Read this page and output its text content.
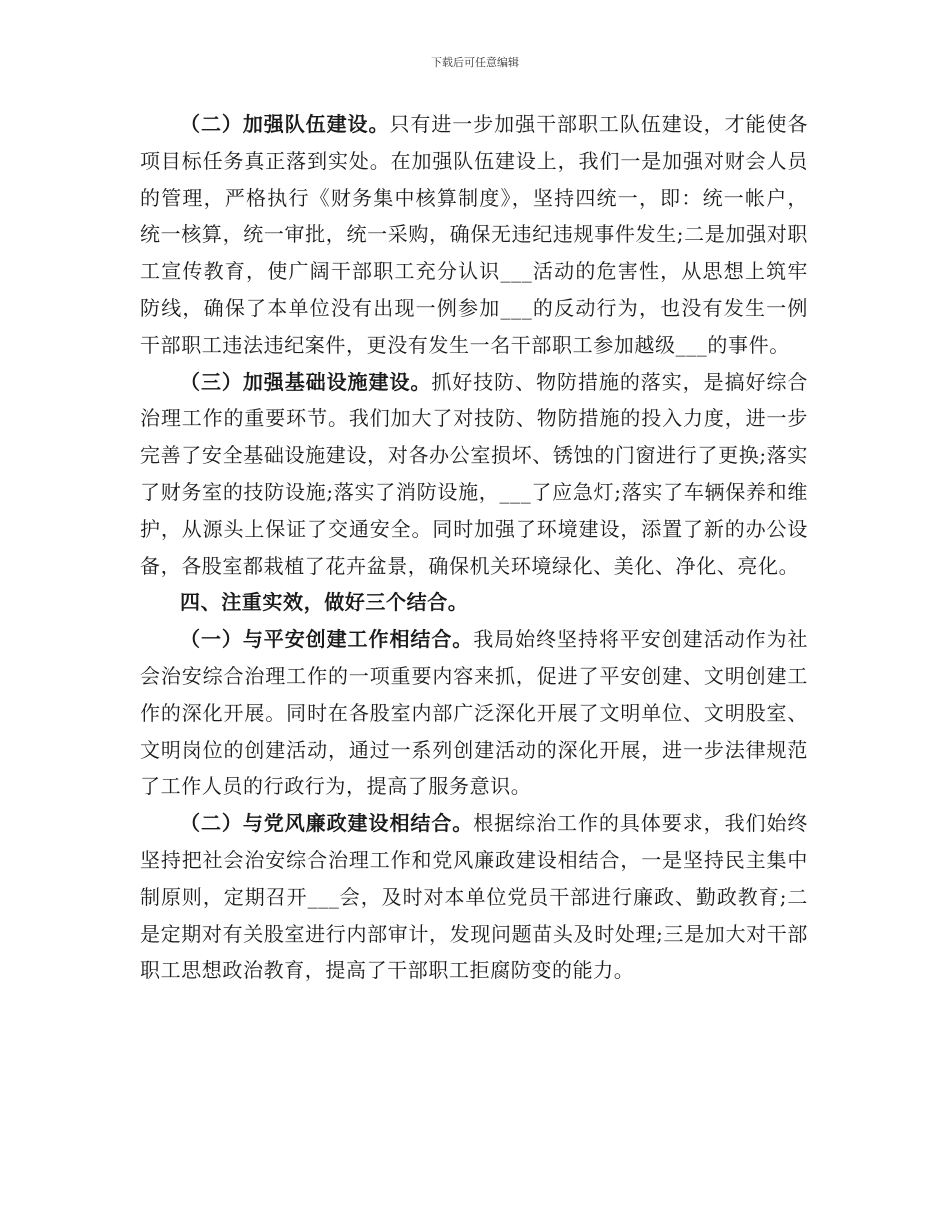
下载后可任意编辑

（二）加强队伍建设。只有进一步加强干部职工队伍建设，才能使各项目标任务真正落到实处。在加强队伍建设上，我们一是加强对财会人员的管理，严格执行《财务集中核算制度》，坚持四统一，即：统一帐户，统一核算，统一审批，统一采购，确保无违纪违规事件发生;二是加强对职工宣传教育，使广阔干部职工充分认识___活动的危害性，从思想上筑牢防线，确保了本单位没有出现一例参加___的反动行为，也没有发生一例干部职工违法违纪案件，更没有发生一名干部职工参加越级___的事件。

（三）加强基础设施建设。抓好技防、物防措施的落实，是搞好综合治理工作的重要环节。我们加大了对技防、物防措施的投入力度，进一步完善了安全基础设施建设，对各办公室损坏、锈蚀的门窗进行了更换;落实了财务室的技防设施;落实了消防设施，___了应急灯;落实了车辆保养和维护，从源头上保证了交通安全。同时加强了环境建设，添置了新的办公设备，各股室都栽植了花卉盆景，确保机关环境绿化、美化、净化、亮化。

四、注重实效，做好三个结合。

（一）与平安创建工作相结合。我局始终坚持将平安创建活动作为社会治安综合治理工作的一项重要内容来抓，促进了平安创建、文明创建工作的深化开展。同时在各股室内部广泛深化开展了文明单位、文明股室、文明岗位的创建活动，通过一系列创建活动的深化开展，进一步法律规范了工作人员的行政行为，提高了服务意识。

（二）与党风廉政建设相结合。根据综治工作的具体要求，我们始终坚持把社会治安综合治理工作和党风廉政建设相结合，一是坚持民主集中制原则，定期召开___会，及时对本单位党员干部进行廉政、勤政教育;二是定期对有关股室进行内部审计，发现问题苗头及时处理;三是加大对干部职工思想政治教育，提高了干部职工拒腐防变的能力。
